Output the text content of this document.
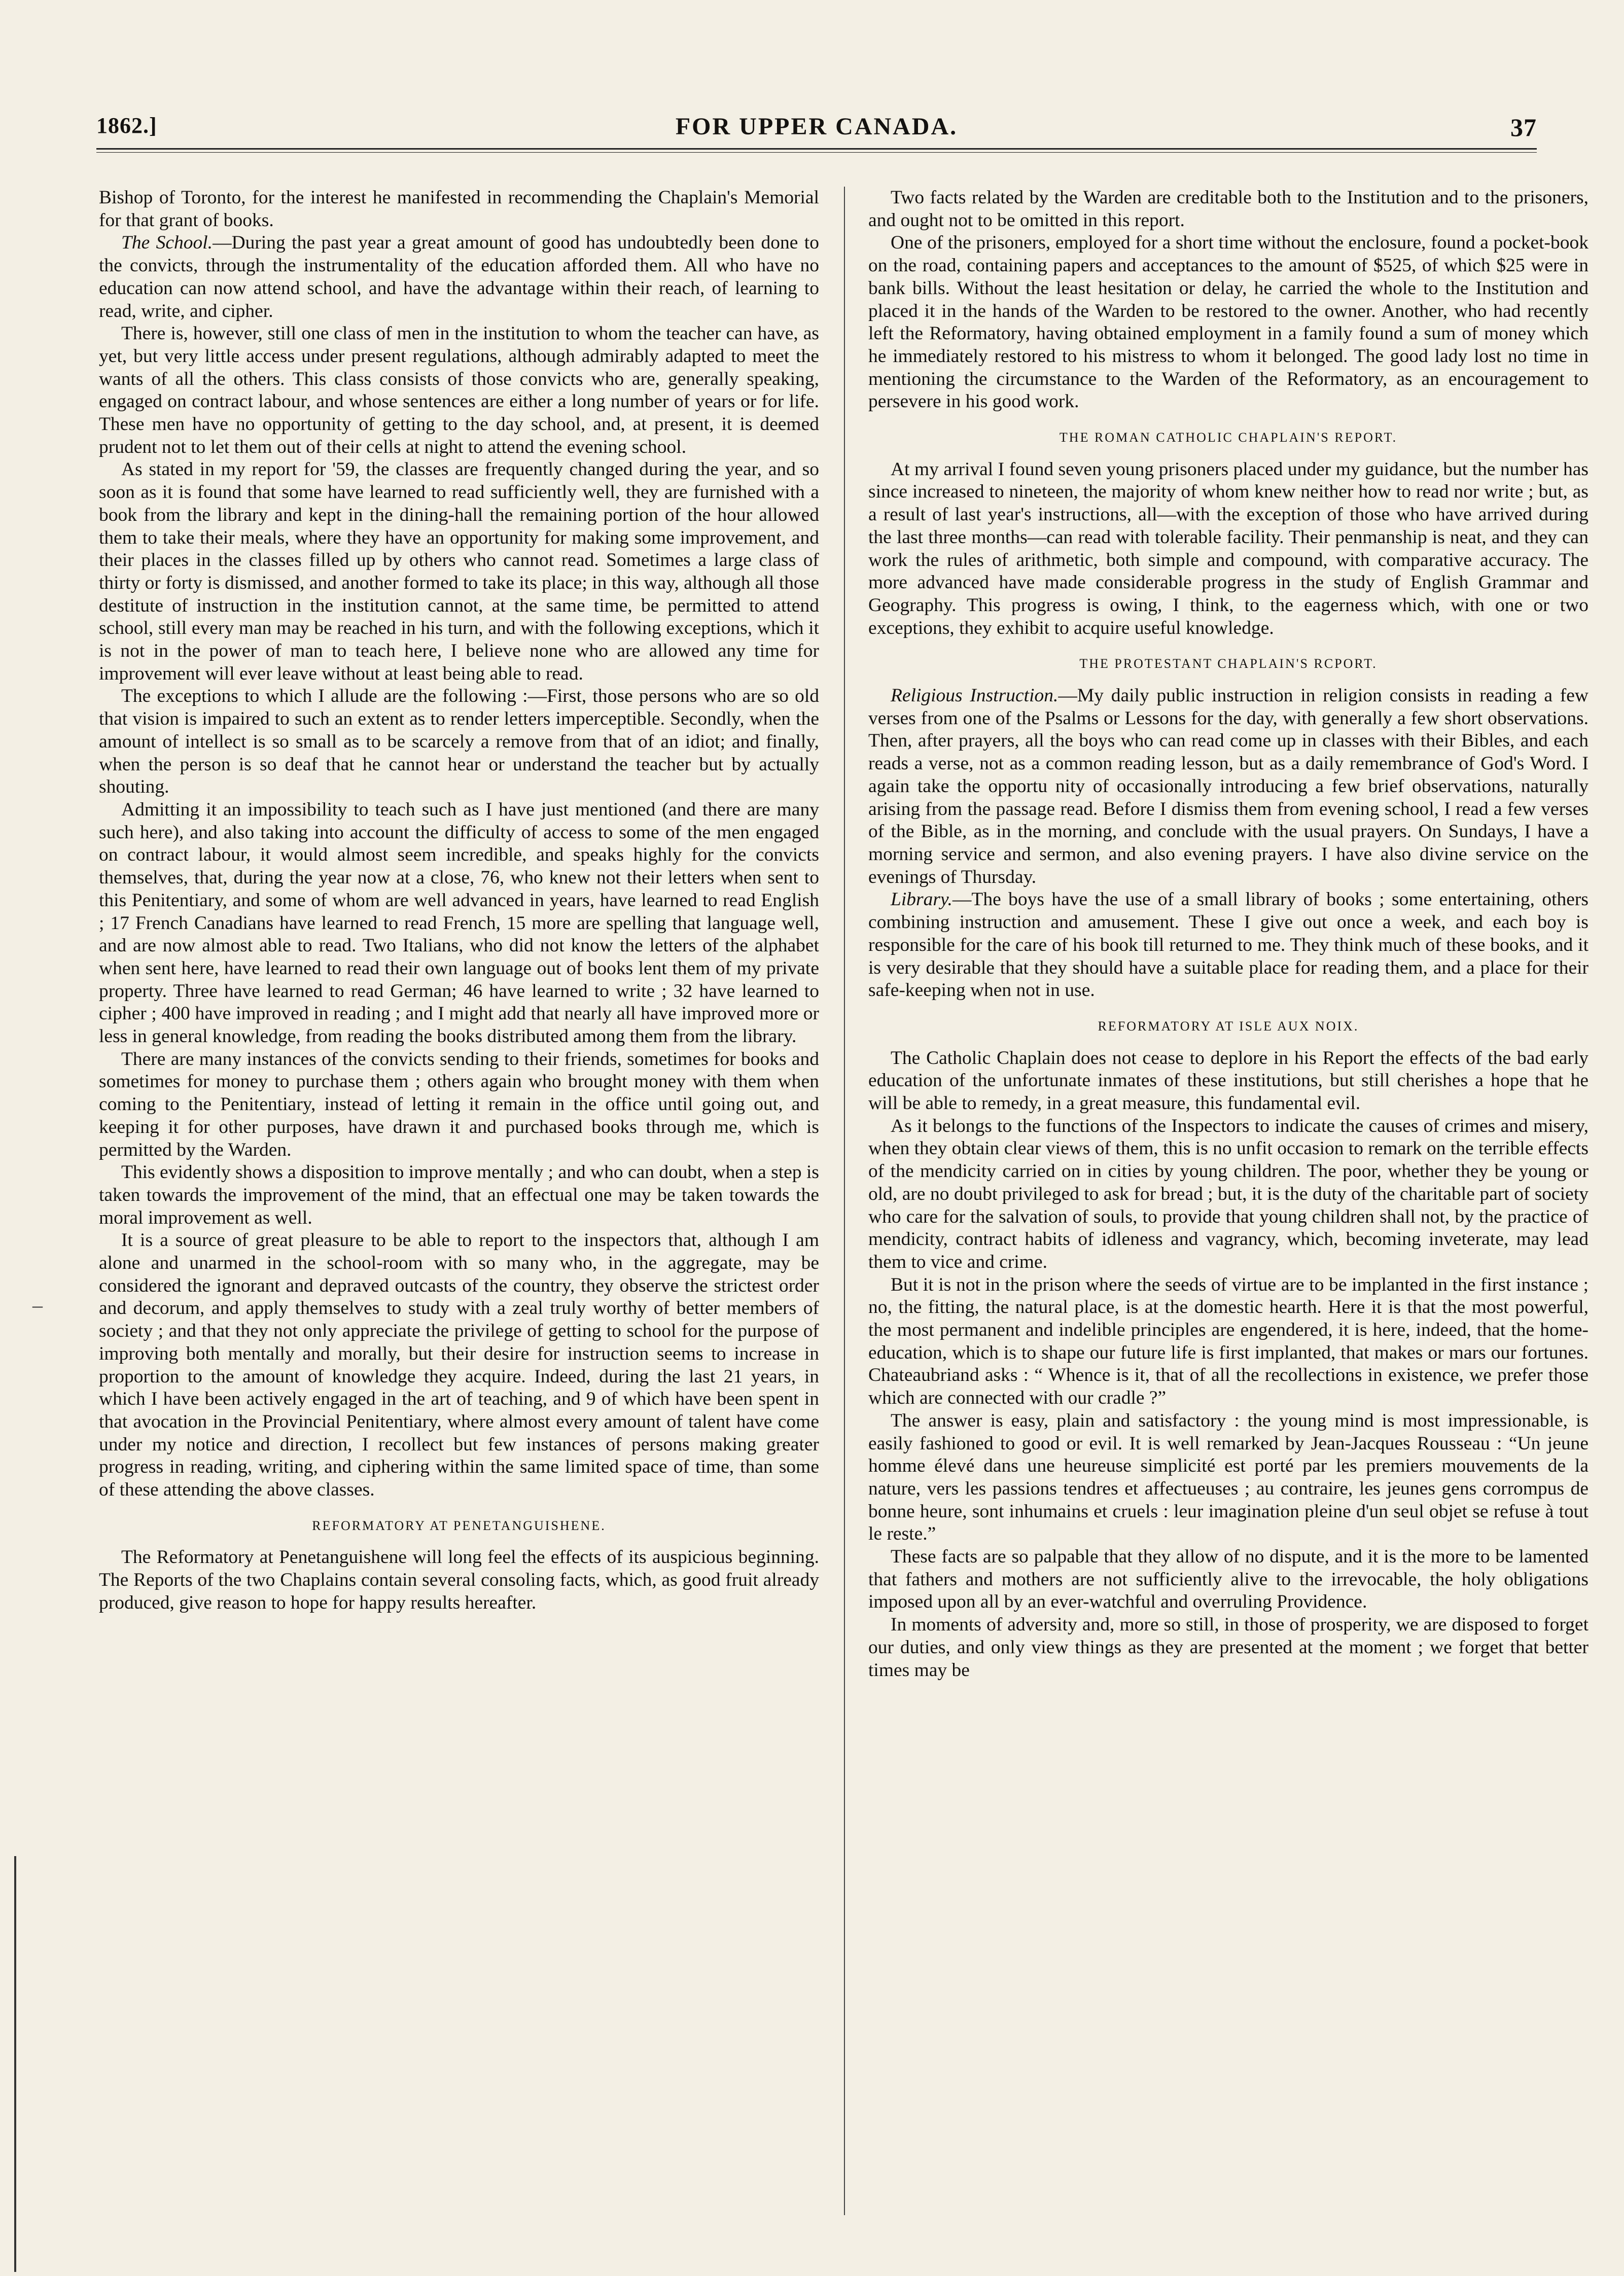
1862.]	FOR UPPER CANADA.	37

Bishop of Toronto, for the interest he manifested in recommending the Chaplain's Memorial for that grant of books.

The School.—During the past year a great amount of good has undoubtedly been done to the convicts, through the instrumentality of the education afforded them. All who have no education can now attend school, and have the advantage within their reach, of learning to read, write, and cipher.

There is, however, still one class of men in the institution to whom the teacher can have, as yet, but very little access under present regulations, although admirably adapted to meet the wants of all the others. This class consists of those convicts who are, generally speaking, engaged on contract labour, and whose sentences are either a long number of years or for life. These men have no opportunity of getting to the day school, and, at present, it is deemed prudent not to let them out of their cells at night to attend the evening school.

As stated in my report for '59, the classes are frequently changed during the year, and so soon as it is found that some have learned to read sufficiently well, they are furnished with a book from the library and kept in the dining-hall the remaining portion of the hour allowed them to take their meals, where they have an opportunity for making some improvement, and their places in the classes filled up by others who cannot read. Sometimes a large class of thirty or forty is dismissed, and another formed to take its place; in this way, although all those destitute of instruction in the institution cannot, at the same time, be permitted to attend school, still every man may be reached in his turn, and with the following exceptions, which it is not in the power of man to teach here, I believe none who are allowed any time for improvement will ever leave without at least being able to read.

The exceptions to which I allude are the following :—First, those persons who are so old that vision is impaired to such an extent as to render letters imperceptible. Secondly, when the amount of intellect is so small as to be scarcely a remove from that of an idiot; and finally, when the person is so deaf that he cannot hear or understand the teacher but by actually shouting.

Admitting it an impossibility to teach such as I have just mentioned (and there are many such here), and also taking into account the difficulty of access to some of the men engaged on contract labour, it would almost seem incredible, and speaks highly for the convicts themselves, that, during the year now at a close, 76, who knew not their letters when sent to this Penitentiary, and some of whom are well advanced in years, have learned to read English ; 17 French Canadians have learned to read French, 15 more are spelling that language well, and are now almost able to read. Two Italians, who did not know the letters of the alphabet when sent here, have learned to read their own language out of books lent them of my private property. Three have learned to read German; 46 have learned to write ; 32 have learned to cipher ; 400 have improved in reading ; and I might add that nearly all have improved more or less in general knowledge, from reading the books distributed among them from the library.

There are many instances of the convicts sending to their friends, sometimes for books and sometimes for money to purchase them ; others again who brought money with them when coming to the Penitentiary, instead of letting it remain in the office until going out, and keeping it for other purposes, have drawn it and purchased books through me, which is permitted by the Warden.

This evidently shows a disposition to improve mentally ; and who can doubt, when a step is taken towards the improvement of the mind, that an effectual one may be taken towards the moral improvement as well.

It is a source of great pleasure to be able to report to the inspectors that, although I am alone and unarmed in the school-room with so many who, in the aggregate, may be considered the ignorant and depraved outcasts of the country, they observe the strictest order and decorum, and apply themselves to study with a zeal truly worthy of better members of society ; and that they not only appreciate the privilege of getting to school for the purpose of improving both mentally and morally, but their desire for instruction seems to increase in proportion to the amount of knowledge they acquire. Indeed, during the last 21 years, in which I have been actively engaged in the art of teaching, and 9 of which have been spent in that avocation in the Provincial Penitentiary, where almost every amount of talent have come under my notice and direction, I recollect but few instances of persons making greater progress in reading, writing, and ciphering within the same limited space of time, than some of these attending the above classes.

REFORMATORY AT PENETANGUISHENE.

The Reformatory at Penetanguishene will long feel the effects of its auspicious beginning. The Reports of the two Chaplains contain several consoling facts, which, as good fruit already produced, give reason to hope for happy results hereafter.

Two facts related by the Warden are creditable both to the Institution and to the prisoners, and ought not to be omitted in this report.

One of the prisoners, employed for a short time without the enclosure, found a pocket-book on the road, containing papers and acceptances to the amount of $525, of which $25 were in bank bills. Without the least hesitation or delay, he carried the whole to the Institution and placed it in the hands of the Warden to be restored to the owner. Another, who had recently left the Reformatory, having obtained employment in a family found a sum of money which he immediately restored to his mistress to whom it belonged. The good lady lost no time in mentioning the circumstance to the Warden of the Reformatory, as an encouragement to persevere in his good work.

THE ROMAN CATHOLIC CHAPLAIN'S REPORT.

At my arrival I found seven young prisoners placed under my guidance, but the number has since increased to nineteen, the majority of whom knew neither how to read nor write ; but, as a result of last year's instructions, all—with the exception of those who have arrived during the last three months—can read with tolerable facility. Their penmanship is neat, and they can work the rules of arithmetic, both simple and compound, with comparative accuracy. The more advanced have made considerable progress in the study of English Grammar and Geography. This progress is owing, I think, to the eagerness which, with one or two exceptions, they exhibit to acquire useful knowledge.

THE PROTESTANT CHAPLAIN'S RCPORT.

Religious Instruction.—My daily public instruction in religion consists in reading a few verses from one of the Psalms or Lessons for the day, with generally a few short observations. Then, after prayers, all the boys who can read come up in classes with their Bibles, and each reads a verse, not as a common reading lesson, but as a daily remembrance of God's Word. I again take the opportu nity of occasionally introducing a few brief observations, naturally arising from the passage read. Before I dismiss them from evening school, I read a few verses of the Bible, as in the morning, and conclude with the usual prayers. On Sundays, I have a morning service and sermon, and also evening prayers. I have also divine service on the evenings of Thursday.

Library.—The boys have the use of a small library of books ; some entertaining, others combining instruction and amusement. These I give out once a week, and each boy is responsible for the care of his book till returned to me. They think much of these books, and it is very desirable that they should have a suitable place for reading them, and a place for their safe-keeping when not in use.

REFORMATORY AT ISLE AUX NOIX.

The Catholic Chaplain does not cease to deplore in his Report the effects of the bad early education of the unfortunate inmates of these institutions, but still cherishes a hope that he will be able to remedy, in a great measure, this fundamental evil.

As it belongs to the functions of the Inspectors to indicate the causes of crimes and misery, when they obtain clear views of them, this is no unfit occasion to remark on the terrible effects of the mendicity carried on in cities by young children. The poor, whether they be young or old, are no doubt privileged to ask for bread ; but, it is the duty of the charitable part of society who care for the salvation of souls, to provide that young children shall not, by the practice of mendicity, contract habits of idleness and vagrancy, which, becoming inveterate, may lead them to vice and crime.

But it is not in the prison where the seeds of virtue are to be implanted in the first instance ; no, the fitting, the natural place, is at the domestic hearth. Here it is that the most powerful, the most permanent and indelible principles are engendered, it is here, indeed, that the home-education, which is to shape our future life is first implanted, that makes or mars our fortunes. Chateaubriand asks : “ Whence is it, that of all the recollections in existence, we prefer those which are connected with our cradle ?”

The answer is easy, plain and satisfactory : the young mind is most impressionable, is easily fashioned to good or evil. It is well remarked by Jean-Jacques Rousseau : “Un jeune homme élevé dans une heureuse simplicité est porté par les premiers mouvements de la nature, vers les passions tendres et affectueuses ; au contraire, les jeunes gens corrompus de bonne heure, sont inhumains et cruels : leur imagination pleine d'un seul objet se refuse à tout le reste.”

These facts are so palpable that they allow of no dispute, and it is the more to be lamented that fathers and mothers are not sufficiently alive to the irrevocable, the holy obligations imposed upon all by an ever-watchful and overruling Providence.

In moments of adversity and, more so still, in those of prosperity, we are disposed to forget our duties, and only view things as they are presented at the moment ; we forget that better times may be

–
